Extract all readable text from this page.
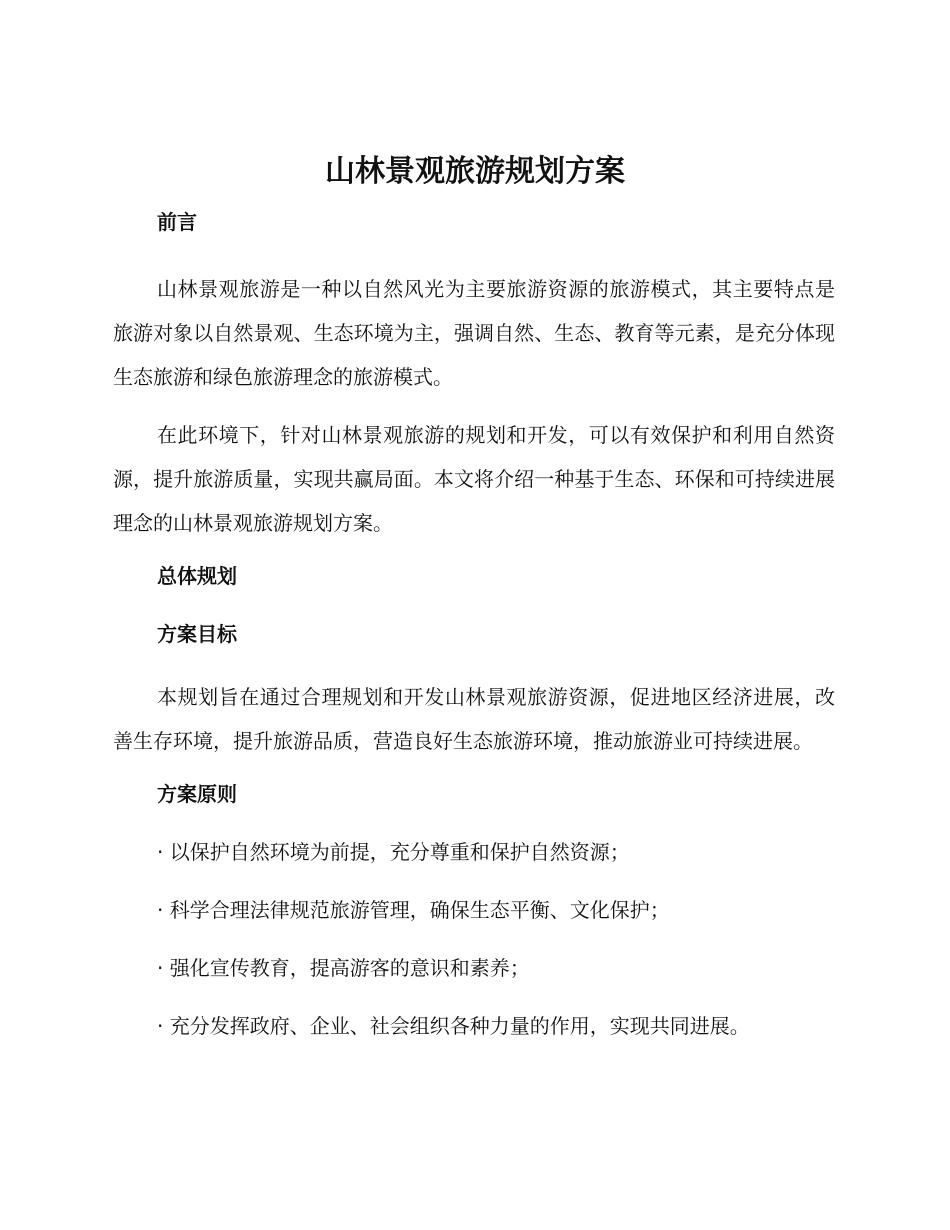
山林景观旅游规划方案
前言

山林景观旅游是一种以自然风光为主要旅游资源的旅游模式，其主要特点是旅游对象以自然景观、生态环境为主，强调自然、生态、教育等元素，是充分体现生态旅游和绿色旅游理念的旅游模式。

在此环境下，针对山林景观旅游的规划和开发，可以有效保护和利用自然资源，提升旅游质量，实现共赢局面。本文将介绍一种基于生态、环保和可持续进展理念的山林景观旅游规划方案。

总体规划
方案目标

本规划旨在通过合理规划和开发山林景观旅游资源，促进地区经济进展，改善生存环境，提升旅游品质，营造良好生态旅游环境，推动旅游业可持续进展。

方案原则
· 以保护自然环境为前提，充分尊重和保护自然资源；
· 科学合理法律规范旅游管理，确保生态平衡、文化保护；
· 强化宣传教育，提高游客的意识和素养；
· 充分发挥政府、企业、社会组织各种力量的作用，实现共同进展。
